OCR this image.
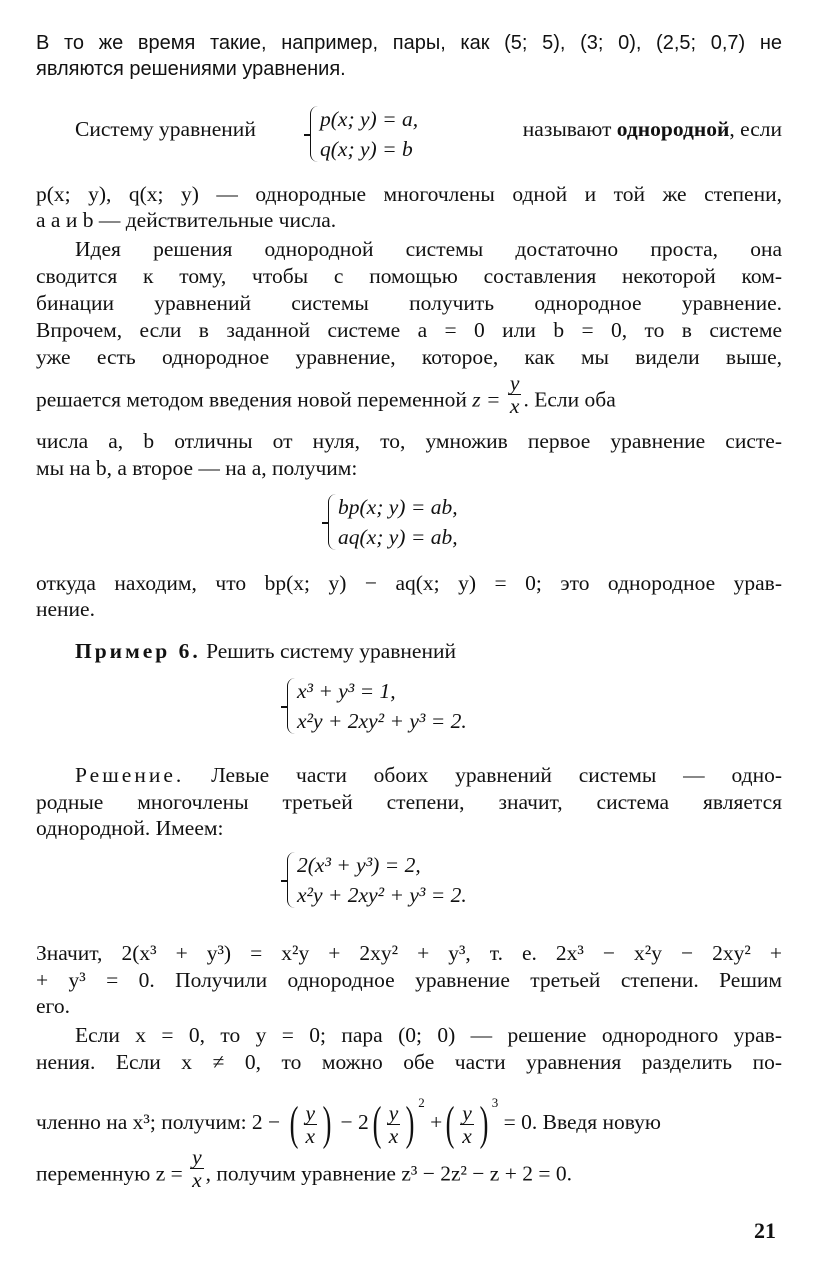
В то же время такие, например, пары, как (5; 5), (3; 0), (2,5; 0,7) не
являются решениями уравнения.
Систему уравнений	p(x; y) = a,
q(x; y) = b
называют однородной, если
p(x; y), q(x; y) — однородные многочлены одной и той же степени,
а a и b — действительные числа.
Идея решения однородной системы достаточно проста, она
сводится к тому, чтобы с помощью составления некоторой ком-
бинации уравнений системы получить однородное уравнение.
Впрочем, если в заданной системе a = 0 или b = 0, то в системе
уже есть однородное уравнение, которое, как мы видели выше,
решается методом введения новой переменной $z = \frac{y}{x}$ . Если оба
числа a, b отличны от нуля, то, умножив первое уравнение систе-
мы на b, а второе — на a, получим:
bp(x; y) = ab,
aq(x; y) = ab,
откуда находим, что bp(x; y) − aq(x; y) = 0; это однородное урав-
нение.
Пример 6. Решить систему уравнений
x³ + y³ = 1,
x²y + 2xy² + y³ = 2.
Решение. Левые части обоих уравнений системы — одно-
родные многочлены третьей степени, значит, система является
однородной. Имеем:
2(x³ + y³) = 2,
x²y + 2xy² + y³ = 2.
Значит, 2(x³ + y³) = x²y + 2xy² + y³, т. е. 2x³ − x²y − 2xy² +
+ y³ = 0. Получили однородное уравнение третьей степени. Решим
его.
Если x = 0, то y = 0; пара (0; 0) — решение однородного урав-
нения. Если x ≠ 0, то можно обе части уравнения разделить по-
членно на x³; получим: 2 − ( $\frac{y}{x}$ ) − $2( \frac{y}{x}$ ) $^2$ +( $\frac{y}{x}$ ) $^3$ = 0. Введя новую
переменную $z = \frac{y}{x}$ , получим уравнение z³ − 2z² − z + 2 = 0.
21
